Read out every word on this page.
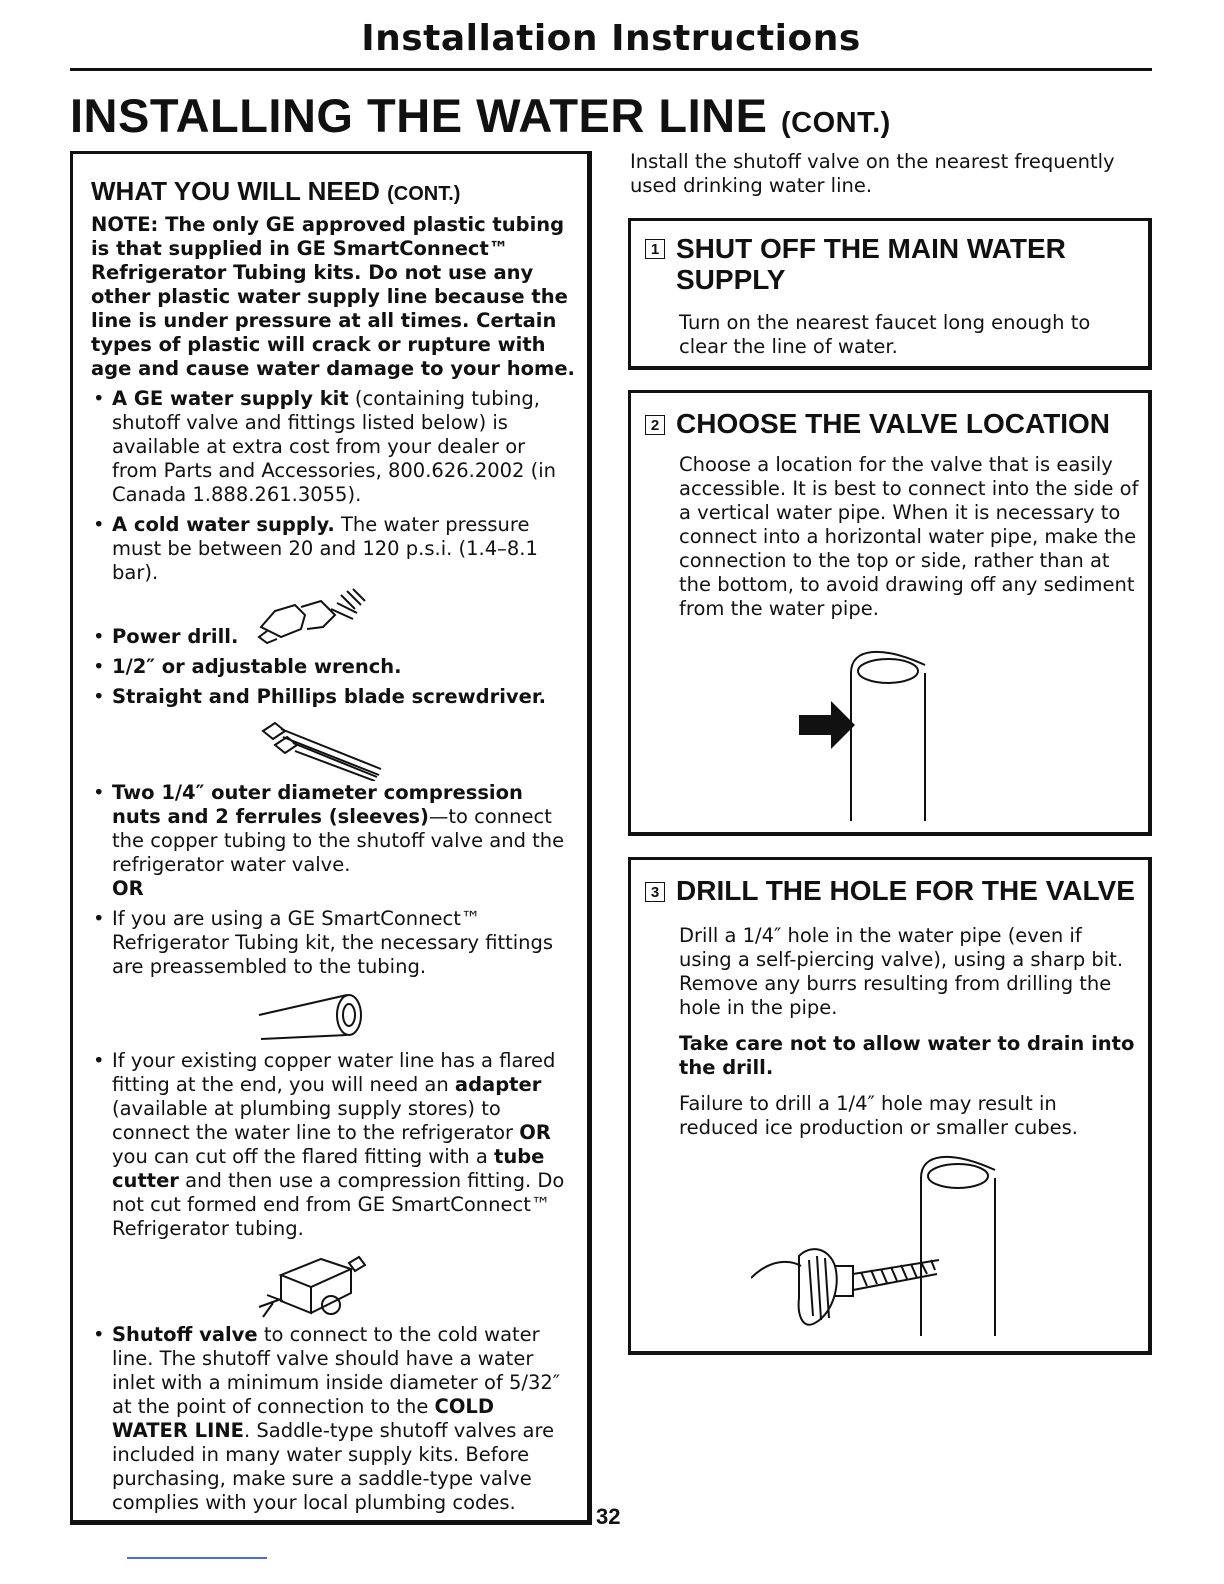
Installation Instructions
INSTALLING THE WATER LINE (CONT.)
WHAT YOU WILL NEED (CONT.)
NOTE: The only GE approved plastic tubing is that supplied in GE SmartConnect™ Refrigerator Tubing kits. Do not use any other plastic water supply line because the line is under pressure at all times. Certain types of plastic will crack or rupture with age and cause water damage to your home.
• A GE water supply kit (containing tubing, shutoff valve and fittings listed below) is available at extra cost from your dealer or from Parts and Accessories, 800.626.2002 (in Canada 1.888.261.3055).
• A cold water supply. The water pressure must be between 20 and 120 p.s.i. (1.4–8.1 bar).
• Power drill.
• 1/2″ or adjustable wrench.
• Straight and Phillips blade screwdriver.
• Two 1/4″ outer diameter compression nuts and 2 ferrules (sleeves)—to connect the copper tubing to the shutoff valve and the refrigerator water valve.
OR
• If you are using a GE SmartConnect™ Refrigerator Tubing kit, the necessary fittings are preassembled to the tubing.
• If your existing copper water line has a flared fitting at the end, you will need an adapter (available at plumbing supply stores) to connect the water line to the refrigerator OR you can cut off the flared fitting with a tube cutter and then use a compression fitting. Do not cut formed end from GE SmartConnect™ Refrigerator tubing.
• Shutoff valve to connect to the cold water line. The shutoff valve should have a water inlet with a minimum inside diameter of 5/32″ at the point of connection to the COLD WATER LINE. Saddle-type shutoff valves are included in many water supply kits. Before purchasing, make sure a saddle-type valve complies with your local plumbing codes.
Install the shutoff valve on the nearest frequently used drinking water line.
1 SHUT OFF THE MAIN WATER SUPPLY
Turn on the nearest faucet long enough to clear the line of water.
2 CHOOSE THE VALVE LOCATION
Choose a location for the valve that is easily accessible. It is best to connect into the side of a vertical water pipe. When it is necessary to connect into a horizontal water pipe, make the connection to the top or side, rather than at the bottom, to avoid drawing off any sediment from the water pipe.
3 DRILL THE HOLE FOR THE VALVE
Drill a 1/4″ hole in the water pipe (even if using a self-piercing valve), using a sharp bit. Remove any burrs resulting from drilling the hole in the pipe.
Take care not to allow water to drain into the drill.
Failure to drill a 1/4″ hole may result in reduced ice production or smaller cubes.
32
